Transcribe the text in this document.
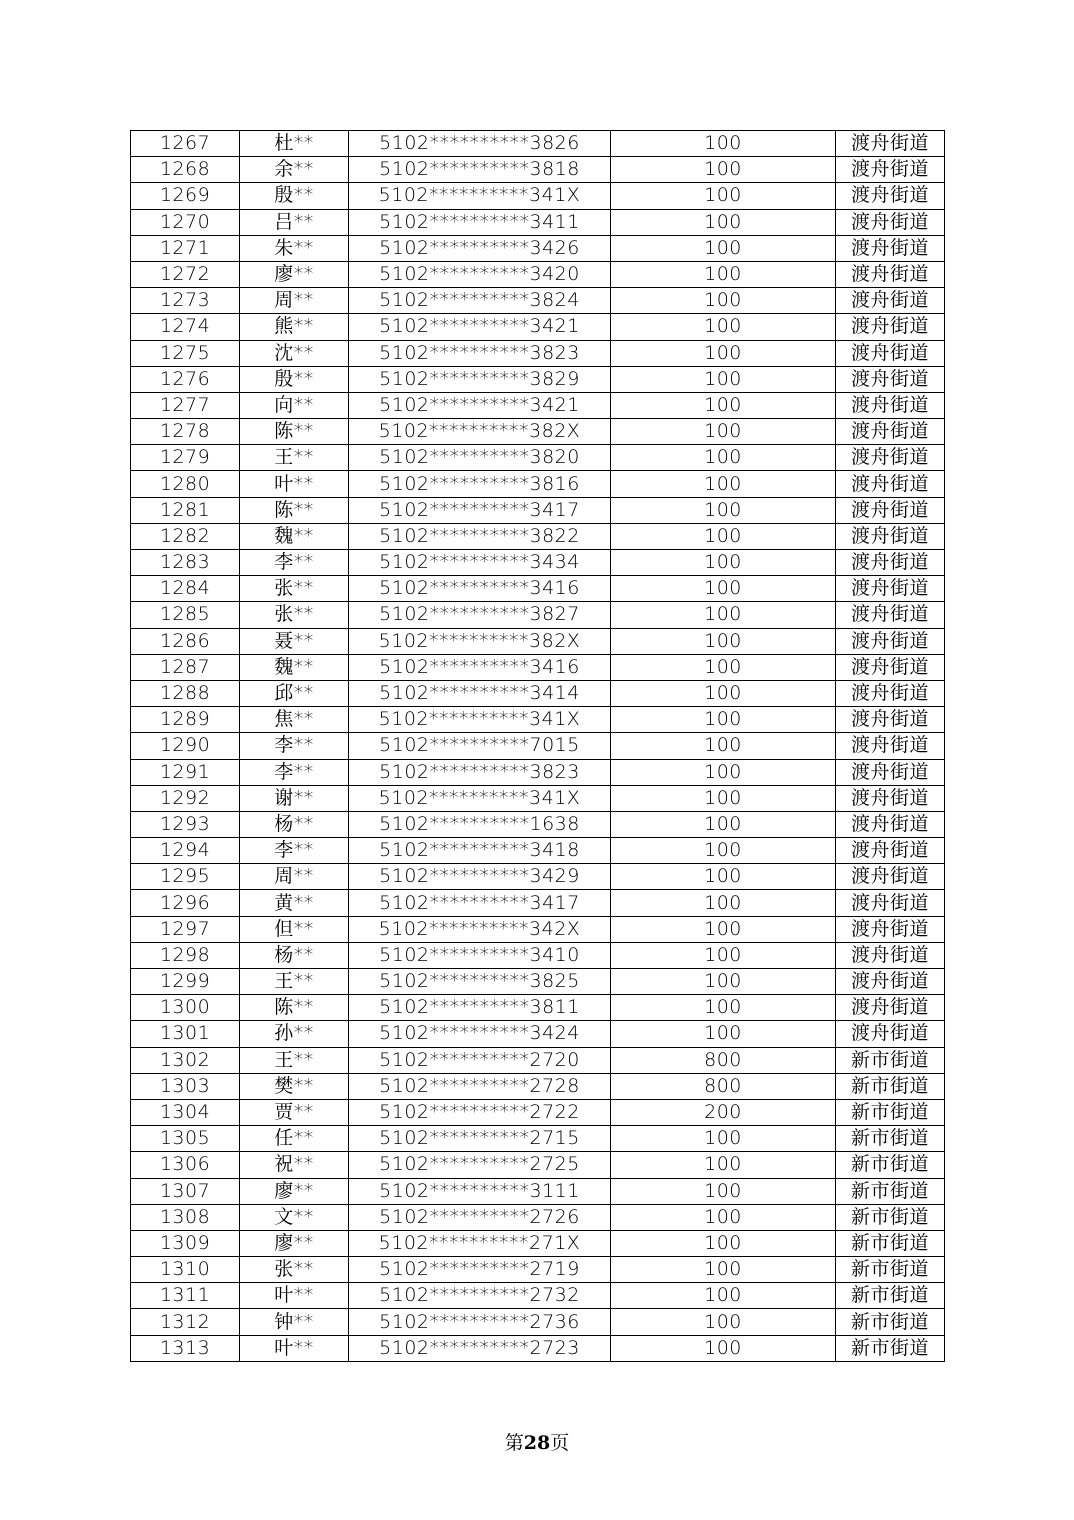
1267	杜**	5102**********3826	100	渡舟街道
1268	余**	5102**********3818	100	渡舟街道
1269	殷**	5102**********341X	100	渡舟街道
1270	吕**	5102**********3411	100	渡舟街道
1271	朱**	5102**********3426	100	渡舟街道
1272	廖**	5102**********3420	100	渡舟街道
1273	周**	5102**********3824	100	渡舟街道
1274	熊**	5102**********3421	100	渡舟街道
1275	沈**	5102**********3823	100	渡舟街道
1276	殷**	5102**********3829	100	渡舟街道
1277	向**	5102**********3421	100	渡舟街道
1278	陈**	5102**********382X	100	渡舟街道
1279	王**	5102**********3820	100	渡舟街道
1280	叶**	5102**********3816	100	渡舟街道
1281	陈**	5102**********3417	100	渡舟街道
1282	魏**	5102**********3822	100	渡舟街道
1283	李**	5102**********3434	100	渡舟街道
1284	张**	5102**********3416	100	渡舟街道
1285	张**	5102**********3827	100	渡舟街道
1286	聂**	5102**********382X	100	渡舟街道
1287	魏**	5102**********3416	100	渡舟街道
1288	邱**	5102**********3414	100	渡舟街道
1289	焦**	5102**********341X	100	渡舟街道
1290	李**	5102**********7015	100	渡舟街道
1291	李**	5102**********3823	100	渡舟街道
1292	谢**	5102**********341X	100	渡舟街道
1293	杨**	5102**********1638	100	渡舟街道
1294	李**	5102**********3418	100	渡舟街道
1295	周**	5102**********3429	100	渡舟街道
1296	黄**	5102**********3417	100	渡舟街道
1297	但**	5102**********342X	100	渡舟街道
1298	杨**	5102**********3410	100	渡舟街道
1299	王**	5102**********3825	100	渡舟街道
1300	陈**	5102**********3811	100	渡舟街道
1301	孙**	5102**********3424	100	渡舟街道
1302	王**	5102**********2720	800	新市街道
1303	樊**	5102**********2728	800	新市街道
1304	贾**	5102**********2722	200	新市街道
1305	任**	5102**********2715	100	新市街道
1306	祝**	5102**********2725	100	新市街道
1307	廖**	5102**********3111	100	新市街道
1308	文**	5102**********2726	100	新市街道
1309	廖**	5102**********271X	100	新市街道
1310	张**	5102**********2719	100	新市街道
1311	叶**	5102**********2732	100	新市街道
1312	钟**	5102**********2736	100	新市街道
1313	叶**	5102**********2723	100	新市街道
第28页
